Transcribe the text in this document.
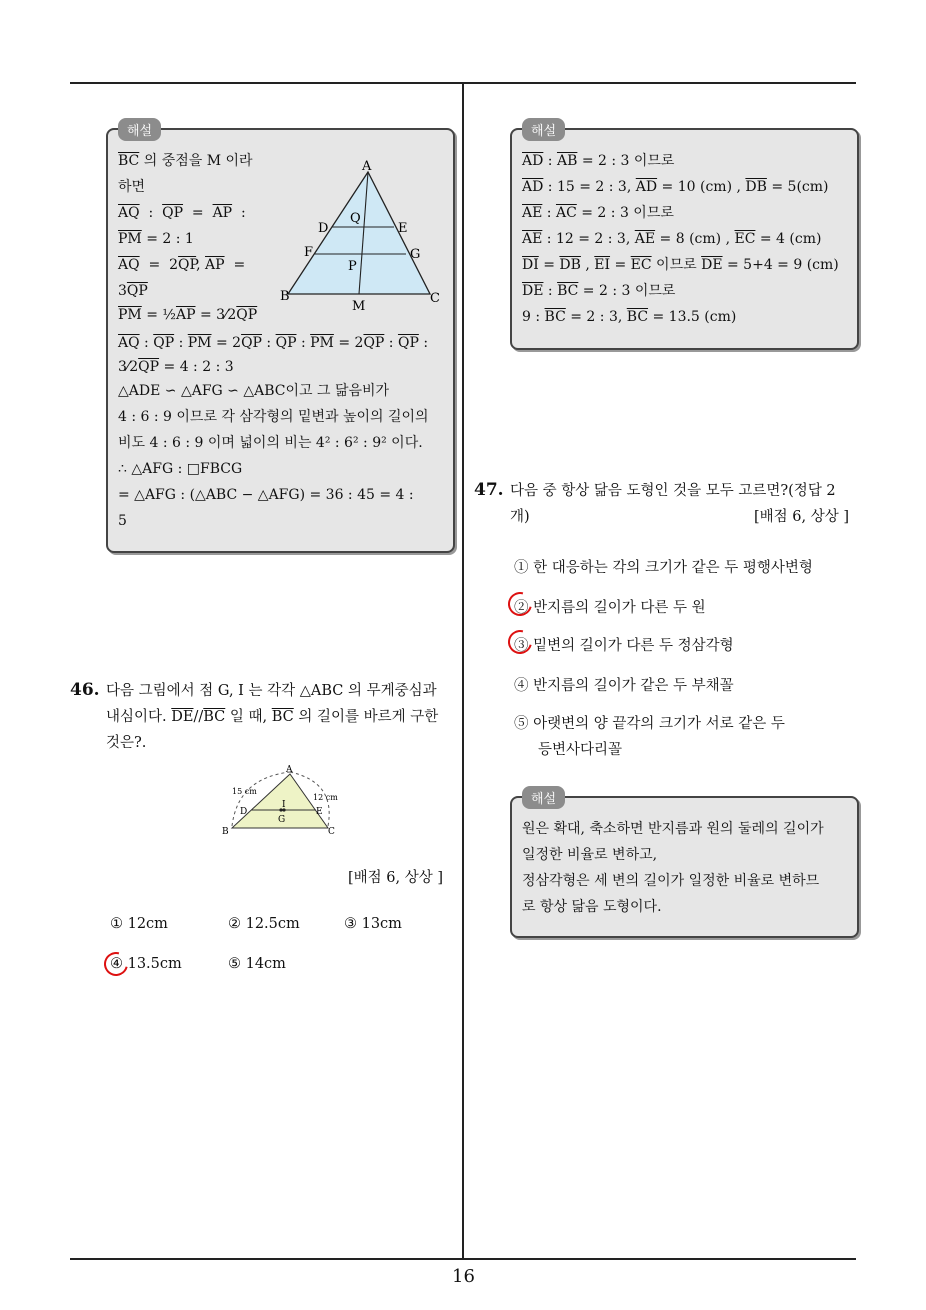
해설
$\overline{BC}$ 의 중점을 M 이라
하면
$\overline{AQ}$  :  $\overline{QP} = \overline{AP}$  :
$\overline{PM} = 2$ : 1
$\overline{AQ} = 2\overline{QP}$, $\overline{AP}$  =
$3\overline{QP}$
$\overline{PM}$ = $\frac{1}{2}\overline{AP}$ = $3⁄2\overline{QP}$
$\overline{AQ}$ : $\overline{QP}$ : $\overline{PM} = 2\overline{QP}$ : $\overline{QP}$ : $\overline{PM} = 2\overline{QP}$ : $\overline{QP}$ :
$3⁄2\overline{QP} = 4$ : 2 : 3
△ADE ∽ △AFG ∽ △ABC이고 그 닮음비가
4 : 6 : 9 이므로 각 삼각형의 밑변과 높이의 길이의
비도 4 : 6 : 9 이며 넓이의 비는 4² : 6² : 9² 이다.
∴ △AFG : □FBCG
= △AFG : (△ABC − △AFG) = 36 : 45 = 4 :
5
A
Q
D	E
F	G
P
B
M
C
46. 다음 그림에서 점 G, I 는 각각 △ABC 의 무게중심과
내심이다. $\overline{DE}//\overline{BC}$ 일 때, $\overline{BC}$ 의 길이를 바르게 구한
것은?.
A
15 cm
12 cm
D
I
E
G
B	C
[배점 6, 상상 ]
① 12cm	② 12.5cm	③ 13cm
④ 13.5cm	⑤ 14cm
해설
$\overline{AD}$ : $\overline{AB} = 2$ : 3 이므로
$\overline{AD}$ : 15 = 2 : 3, $\overline{AD} = 10$ (cm) , $\overline{DB} = 5(cm)$
$\overline{AE}$ : $\overline{AC} = 2$ : 3 이므로
$\overline{AE}$ : 12 = 2 : 3, $\overline{AE} = 8$ (cm) , $\overline{EC} = 4$ (cm)
$\overline{DI} = \overline{DB}$ , $\overline{EI} = \overline{EC}$ 이므로 $\overline{DE} = 5+4 = 9$ (cm)
$\overline{DE}$ : $\overline{BC} = 2$ : 3 이므로
9 : $\overline{BC} = 2$ : 3, $\overline{BC} = 13.5$ (cm)
47. 다음 중 항상 닮음 도형인 것을 모두 고르면?(정답 2
개)	[배점 6, 상상 ]
① 한 대응하는 각의 크기가 같은 두 평행사변형
② 반지름의 길이가 다른 두 원
③ 밑변의 길이가 다른 두 정삼각형
④ 반지름의 길이가 같은 두 부채꼴
⑤ 아랫변의 양 끝각의 크기가 서로 같은 두
등변사다리꼴
해설
원은 확대, 축소하면 반지름과 원의 둘레의 길이가
일정한 비율로 변하고,
정삼각형은 세 변의 길이가 일정한 비율로 변하므
로 항상 닮음 도형이다.
16
